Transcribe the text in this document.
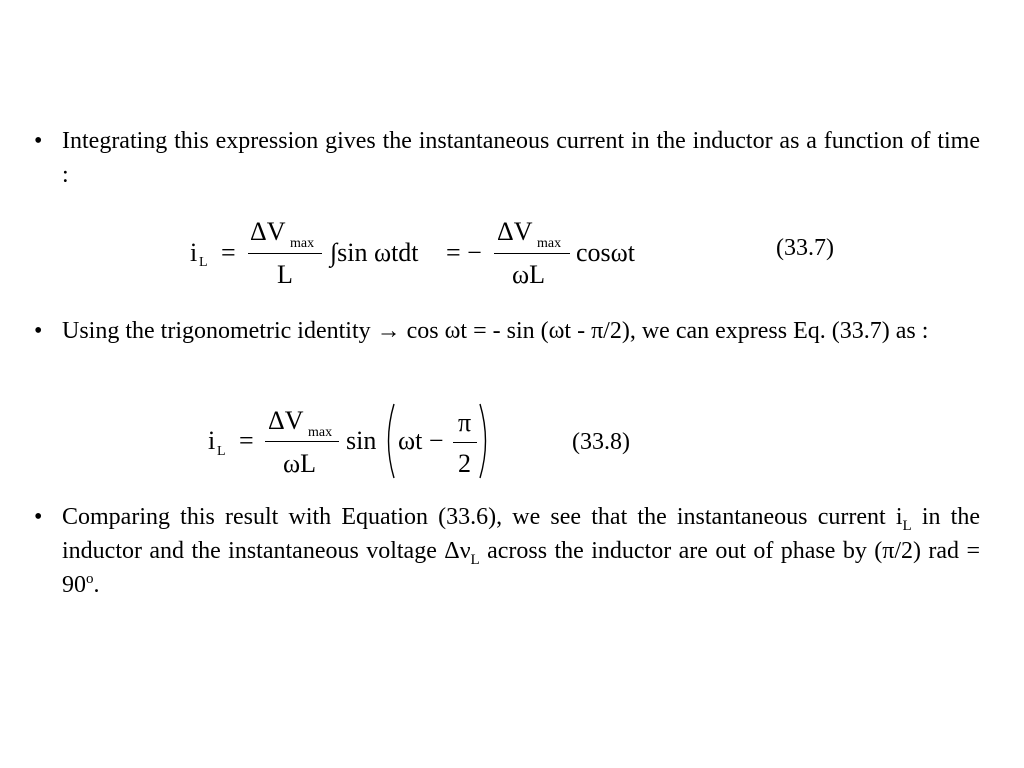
• Integrating this expression gives the instantaneous current in the inductor as a function of time :
i L =
ΔV max
L
∫sin ωtdt = −
ΔV max
ωL
cosωt	(33.7)
• Using the trigonometric identity → cos ωt = - sin (ωt - π/2), we can express Eq. (33.7) as :
i L =
ΔV max
ωL
sin ωt −
π
2
(33.8)
• Comparing this result with Equation (33.6), we see that the instantaneous current $i_L$ in the inductor and the instantaneous voltage $\Delta\nu_L$ across the inductor are out of phase by (π/2) rad = $90^o$.
